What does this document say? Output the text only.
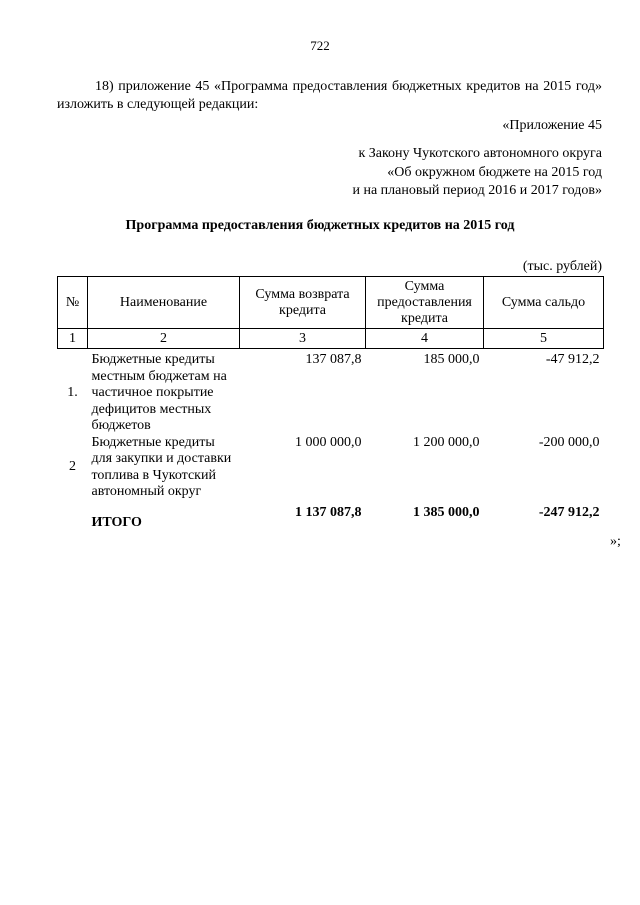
722

18) приложение 45 «Программа предоставления бюджетных кредитов на 2015 год» изложить в следующей редакции:

«Приложение 45
к Закону Чукотского автономного округа
«Об окружном бюджете на 2015 год
и на плановый период 2016 и 2017 годов»
Программа предоставления бюджетных кредитов на 2015 год
(тыс. рублей)
№	Наименование	Сумма возврата кредита	Сумма предоставления кредита	Сумма сальдо
1	2	3	4	5
1.	Бюджетные кредиты местным бюджетам на частичное покрытие дефицитов местных бюджетов	137 087,8	185 000,0	-47 912,2
2	Бюджетные кредиты для закупки и доставки топлива в Чукотский автономный округ	1 000 000,0	1 200 000,0	-200 000,0
	ИТОГО	1 137 087,8	1 385 000,0	-247 912,2
»;
